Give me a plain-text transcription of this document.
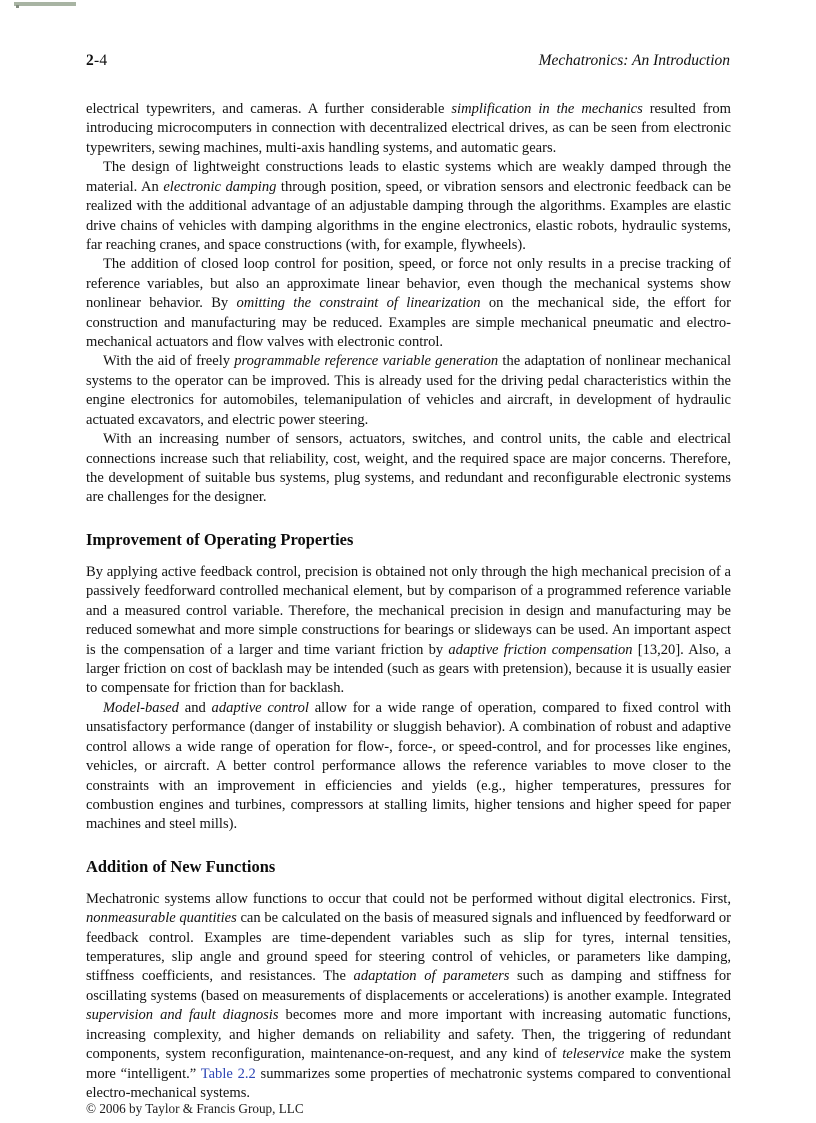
2-4	Mechatronics: An Introduction

electrical typewriters, and cameras. A further considerable simplification in the mechanics resulted from introducing microcomputers in connection with decentralized electrical drives, as can be seen from electronic typewriters, sewing machines, multi-axis handling systems, and automatic gears.

The design of lightweight constructions leads to elastic systems which are weakly damped through the material. An electronic damping through position, speed, or vibration sensors and electronic feedback can be realized with the additional advantage of an adjustable damping through the algorithms. Examples are elastic drive chains of vehicles with damping algorithms in the engine electronics, elastic robots, hydraulic systems, far reaching cranes, and space constructions (with, for example, flywheels).

The addition of closed loop control for position, speed, or force not only results in a precise tracking of reference variables, but also an approximate linear behavior, even though the mechanical systems show nonlinear behavior. By omitting the constraint of linearization on the mechanical side, the effort for construction and manufacturing may be reduced. Examples are simple mechanical pneumatic and electro-mechanical actuators and flow valves with electronic control.

With the aid of freely programmable reference variable generation the adaptation of nonlinear mechanical systems to the operator can be improved. This is already used for the driving pedal characteristics within the engine electronics for automobiles, telemanipulation of vehicles and aircraft, in development of hydraulic actuated excavators, and electric power steering.

With an increasing number of sensors, actuators, switches, and control units, the cable and electrical connections increase such that reliability, cost, weight, and the required space are major concerns. Therefore, the development of suitable bus systems, plug systems, and redundant and reconfigurable electronic systems are challenges for the designer.

Improvement of Operating Properties

By applying active feedback control, precision is obtained not only through the high mechanical precision of a passively feedforward controlled mechanical element, but by comparison of a programmed reference variable and a measured control variable. Therefore, the mechanical precision in design and manufacturing may be reduced somewhat and more simple constructions for bearings or slideways can be used. An important aspect is the compensation of a larger and time variant friction by adaptive friction compensation [13,20]. Also, a larger friction on cost of backlash may be intended (such as gears with pretension), because it is usually easier to compensate for friction than for backlash.

Model-based and adaptive control allow for a wide range of operation, compared to fixed control with unsatisfactory performance (danger of instability or sluggish behavior). A combination of robust and adaptive control allows a wide range of operation for flow-, force-, or speed-control, and for processes like engines, vehicles, or aircraft. A better control performance allows the reference variables to move closer to the constraints with an improvement in efficiencies and yields (e.g., higher temperatures, pressures for combustion engines and turbines, compressors at stalling limits, higher tensions and higher speed for paper machines and steel mills).

Addition of New Functions

Mechatronic systems allow functions to occur that could not be performed without digital electronics. First, nonmeasurable quantities can be calculated on the basis of measured signals and influenced by feedforward or feedback control. Examples are time-dependent variables such as slip for tyres, internal tensities, temperatures, slip angle and ground speed for steering control of vehicles, or parameters like damping, stiffness coefficients, and resistances. The adaptation of parameters such as damping and stiffness for oscillating systems (based on measurements of displacements or accelerations) is another example. Integrated supervision and fault diagnosis becomes more and more important with increasing automatic functions, increasing complexity, and higher demands on reliability and safety. Then, the triggering of redundant components, system reconfiguration, maintenance-on-request, and any kind of teleservice make the system more “intelligent.” Table 2.2 summarizes some properties of mechatronic systems compared to conventional electro-mechanical systems.

© 2006 by Taylor & Francis Group, LLC
